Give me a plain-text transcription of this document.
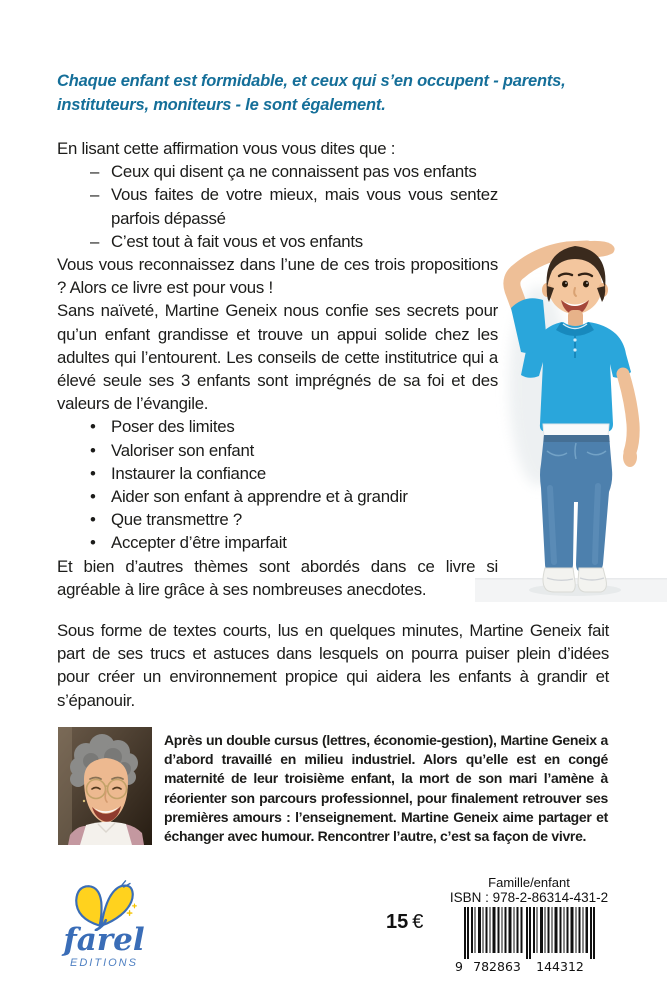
Chaque enfant est formidable, et ceux qui s’en occupent - parents, instituteurs, moniteurs - le sont également.

En lisant cette affirmation vous vous dites que :

– Ceux qui disent ça ne connaissent pas vos enfants
– Vous faites de votre mieux, mais vous vous sentez parfois dépassé
– C’est tout à fait vous et vos enfants

Vous vous reconnaissez dans l’une de ces trois propositions ? Alors ce livre est pour vous !

Sans naïveté, Martine Geneix nous confie ses secrets pour qu’un enfant grandisse et trouve un appui solide chez les adultes qui l’entourent. Les conseils de cette institutrice qui a élevé seule ses 3 enfants sont imprégnés de sa foi et des valeurs de l’évangile.

• Poser des limites
• Valoriser son enfant
• Instaurer la confiance
• Aider son enfant à apprendre et à grandir
• Que transmettre ?
• Accepter d’être imparfait

Et bien d’autres thèmes sont abordés dans ce livre si agréable à lire grâce à ses nombreuses anecdotes.

Sous forme de textes courts, lus en quelques minutes, Martine Geneix fait part de ses trucs et astuces dans lesquels on pourra puiser plein d’idées pour créer un environnement propice qui aidera les enfants à grandir et s’épanouir.
Après un double cursus (lettres, économie-gestion), Martine Geneix a d’abord travaillé en milieu industriel. Alors qu’elle est en congé maternité de leur troisième enfant, la mort de son mari l’amène à réorienter son parcours professionnel, pour finalement retrouver ses premières amours : l’enseignement. Martine Geneix aime partager et échanger avec humour. Rencontrer l’autre, c’est sa façon de vivre.
farel
EDITIONS
15 €
Famille/enfant
ISBN : 978-2-86314-431-2
9 782863 144312
